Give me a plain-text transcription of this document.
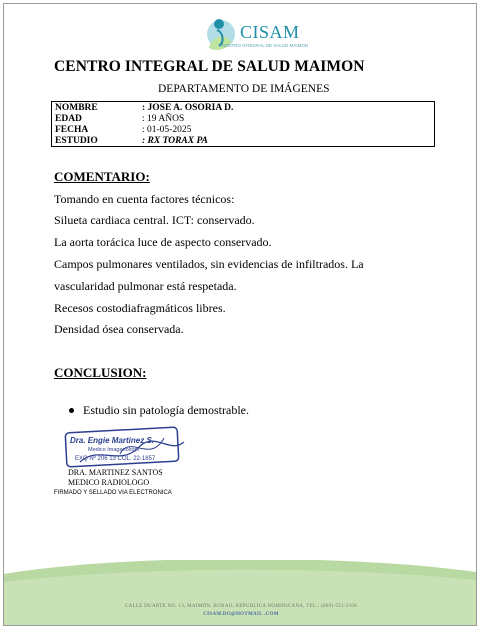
CISAM
CENTRO INTEGRAL DE SALUD MAIMON
CENTRO INTEGRAL DE SALUD MAIMON
DEPARTAMENTO DE IMÁGENES
NOMBRE	: JOSE A. OSORIA D.
EDAD	: 19 AÑOS
FECHA	: 01-05-2025
ESTUDIO	: RX TORAX PA
COMENTARIO:
Tomando en cuenta factores técnicos:
Silueta cardiaca central. ICT: conservado.
La aorta torácica luce de aspecto conservado.
Campos pulmonares ventilados, sin evidencias de infiltrados. La
vascularidad pulmonar está respetada.
Recesos costodiafragmáticos libres.
Densidad ósea conservada.
CONCLUSION:
Estudio sin patología demostrable.
Dra. Engie Martinez S.
Medico Imagenologo
EXQ Nº 206 13 COL. 22-1857
DRA. MARTINEZ SANTOS
MEDICO RADIOLOGO
FIRMADO Y SELLADO VIA ELECTRONICA
CALLE DUARTE NO. 13, MAIMÓN, BONAO, REPUBLICA DOMINICANA, TEL.: (809)-551-2106
CISAM.DO@HOTMAIL .COM
